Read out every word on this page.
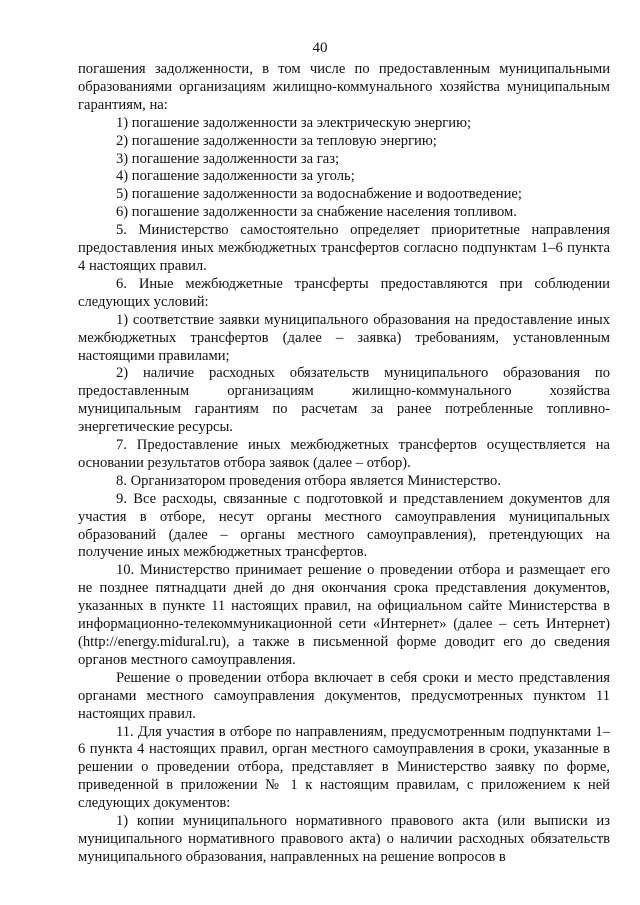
40

погашения задолженности, в том числе по предоставленным муниципальными образованиями организациям жилищно-коммунального хозяйства муниципальным гарантиям, на:

1) погашение задолженности за электрическую энергию;

2) погашение задолженности за тепловую энергию;

3) погашение задолженности за газ;

4) погашение задолженности за уголь;

5) погашение задолженности за водоснабжение и водоотведение;

6) погашение задолженности за снабжение населения топливом.

5. Министерство самостоятельно определяет приоритетные направления предоставления иных межбюджетных трансфертов согласно подпунктам 1–6 пункта 4 настоящих правил.

6. Иные межбюджетные трансферты предоставляются при соблюдении следующих условий:

1) соответствие заявки муниципального образования на предоставление иных межбюджетных трансфертов (далее – заявка) требованиям, установленным настоящими правилами;

2) наличие расходных обязательств муниципального образования по предоставленным организациям жилищно-коммунального хозяйства муниципальным гарантиям по расчетам за ранее потребленные топливно-энергетические ресурсы.

7. Предоставление иных межбюджетных трансфертов осуществляется на основании результатов отбора заявок (далее – отбор).

8. Организатором проведения отбора является Министерство.

9. Все расходы, связанные с подготовкой и представлением документов для участия в отборе, несут органы местного самоуправления муниципальных образований (далее – органы местного самоуправления), претендующих на получение иных межбюджетных трансфертов.

10. Министерство принимает решение о проведении отбора и размещает его не позднее пятнадцати дней до дня окончания срока представления документов, указанных в пункте 11 настоящих правил, на официальном сайте Министерства в информационно-телекоммуникационной сети «Интернет» (далее – сеть Интернет) (http://energy.midural.ru), а также в письменной форме доводит его до сведения органов местного самоуправления.

Решение о проведении отбора включает в себя сроки и место представления органами местного самоуправления документов, предусмотренных пунктом 11 настоящих правил.

11. Для участия в отборе по направлениям, предусмотренным подпунктами 1–6 пункта 4 настоящих правил, орган местного самоуправления в сроки, указанные в решении о проведении отбора, представляет в Министерство заявку по форме, приведенной в приложении № 1 к настоящим правилам, с приложением к ней следующих документов:

1) копии муниципального нормативного правового акта (или выписки из муниципального нормативного правового акта) о наличии расходных обязательств муниципального образования, направленных на решение вопросов в
